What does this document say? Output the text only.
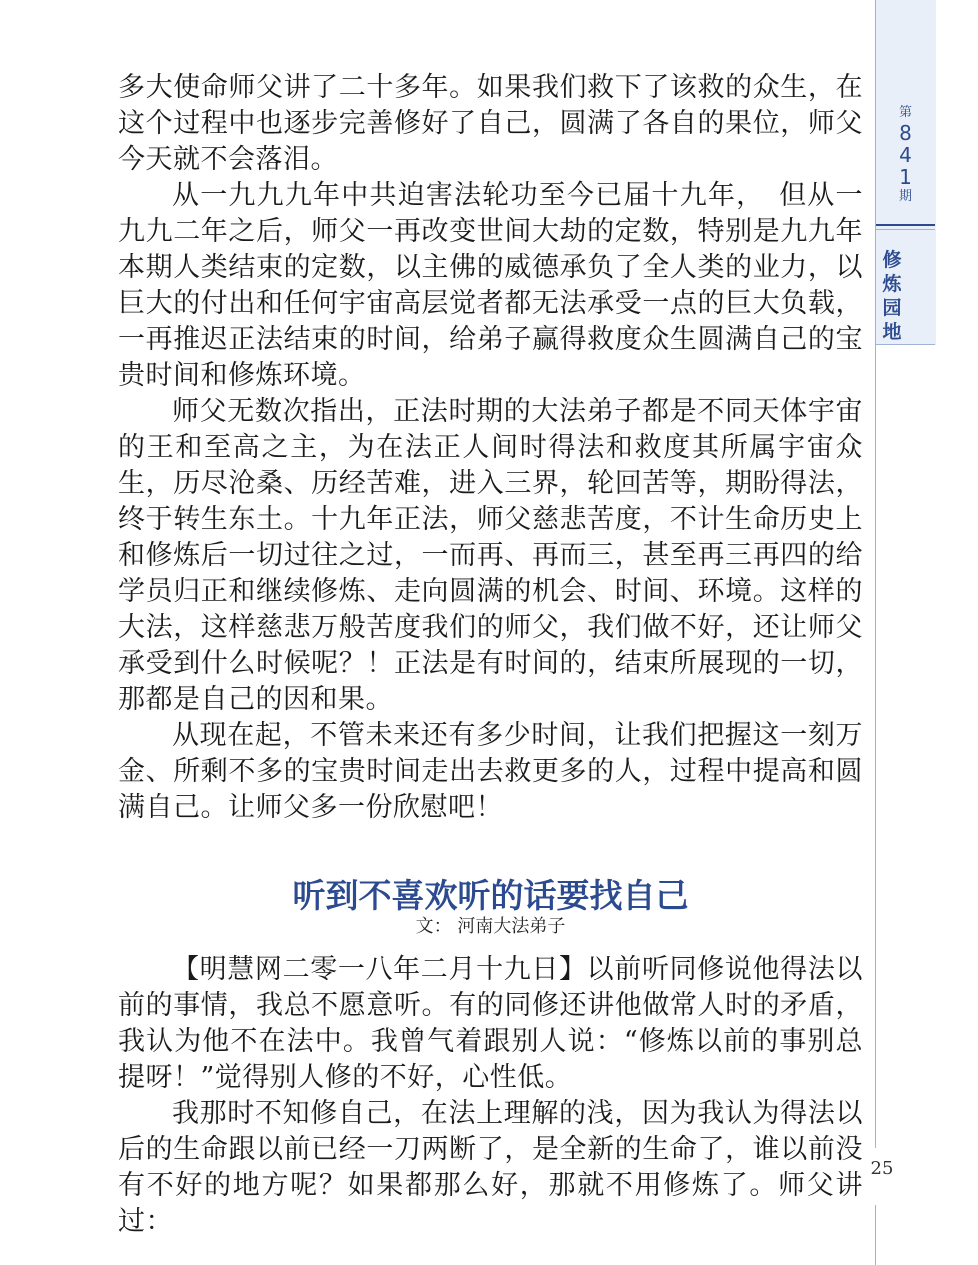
第
8
4
1
期
修
炼
园
地

多大使命师父讲了二十多年。如果我们救下了该救的众生，在这个过程中也逐步完善修好了自己，圆满了各自的果位，师父今天就不会落泪。

从一九九九年中共迫害法轮功至今已届十九年，　但从一九九二年之后，师父一再改变世间大劫的定数，特别是九九年本期人类结束的定数，以主佛的威德承负了全人类的业力，以巨大的付出和任何宇宙高层觉者都无法承受一点的巨大负载，一再推迟正法结束的时间，给弟子赢得救度众生圆满自己的宝贵时间和修炼环境。

师父无数次指出，正法时期的大法弟子都是不同天体宇宙的王和至高之主，为在法正人间时得法和救度其所属宇宙众生，历尽沧桑、历经苦难，进入三界，轮回苦等，期盼得法，终于转生东土。十九年正法，师父慈悲苦度，不计生命历史上和修炼后一切过往之过，一而再、再而三，甚至再三再四的给学员归正和继续修炼、走向圆满的机会、时间、环境。这样的大法，这样慈悲万般苦度我们的师父，我们做不好，还让师父承受到什么时候呢？！正法是有时间的，结束所展现的一切，那都是自己的因和果。

从现在起，不管未来还有多少时间，让我们把握这一刻万金、所剩不多的宝贵时间走出去救更多的人，过程中提高和圆满自己。让师父多一份欣慰吧！

听到不喜欢听的话要找自己
文： 河南大法弟子

【明慧网二零一八年二月十九日】以前听同修说他得法以前的事情，我总不愿意听。有的同修还讲他做常人时的矛盾，我认为他不在法中。我曾气着跟别人说：“修炼以前的事别总提呀！”觉得别人修的不好，心性低。

我那时不知修自己，在法上理解的浅，因为我认为得法以后的生命跟以前已经一刀两断了，是全新的生命了，谁以前没有不好的地方呢？如果都那么好，那就不用修炼了。师父讲过：

25
